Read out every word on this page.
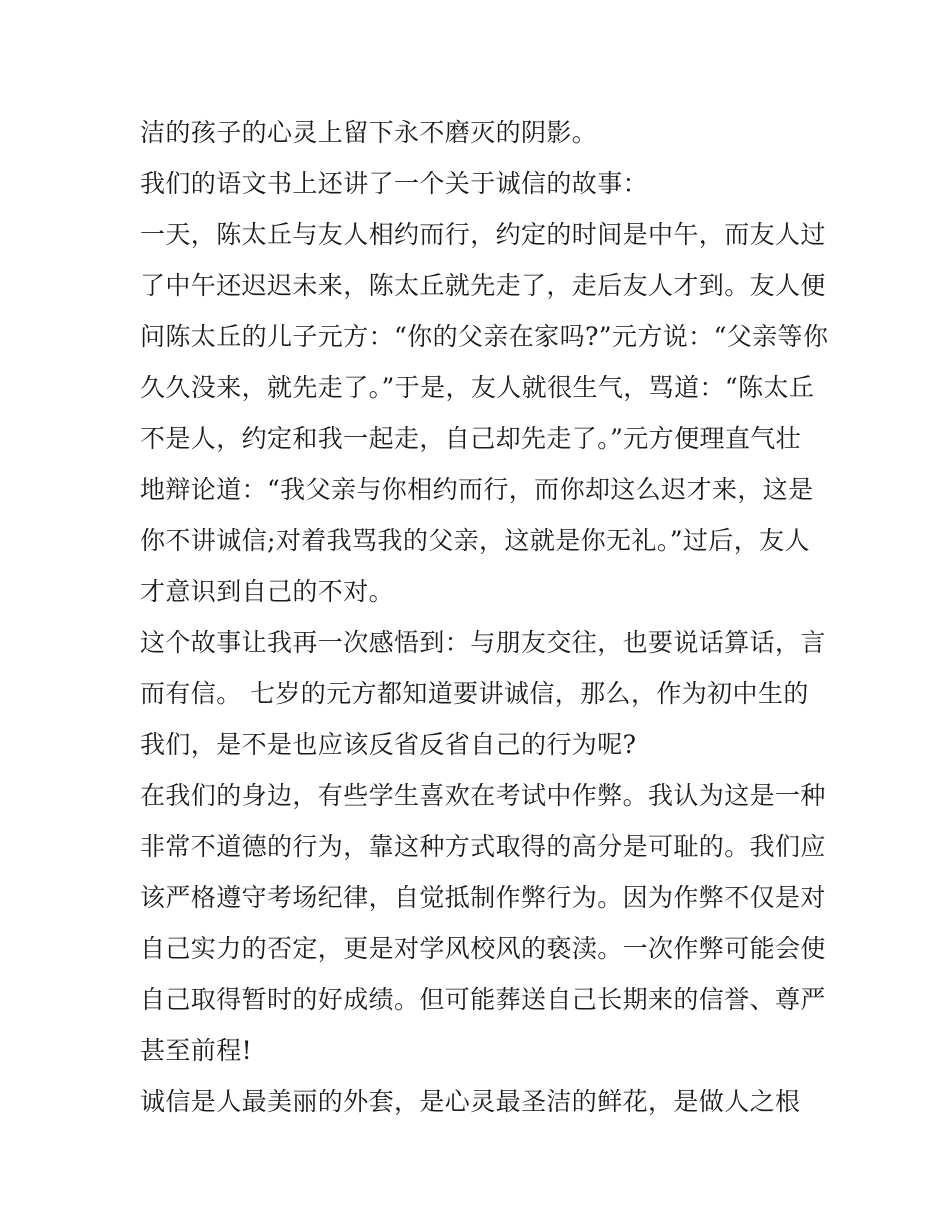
洁的孩子的心灵上留下永不磨灭的阴影。
我们的语文书上还讲了一个关于诚信的故事：
一天，陈太丘与友人相约而行，约定的时间是中午，而友人过
了中午还迟迟未来，陈太丘就先走了，走后友人才到。友人便
问陈太丘的儿子元方：“你的父亲在家吗?”元方说：“父亲等你
久久没来，就先走了。”于是，友人就很生气，骂道：“陈太丘
不是人，约定和我一起走，自己却先走了。”元方便理直气壮
地辩论道：“我父亲与你相约而行，而你却这么迟才来，这是
你不讲诚信;对着我骂我的父亲，这就是你无礼。”过后，友人
才意识到自己的不对。
这个故事让我再一次感悟到：与朋友交往，也要说话算话，言
而有信。 七岁的元方都知道要讲诚信，那么，作为初中生的
我们，是不是也应该反省反省自己的行为呢?
在我们的身边，有些学生喜欢在考试中作弊。我认为这是一种
非常不道德的行为，靠这种方式取得的高分是可耻的。我们应
该严格遵守考场纪律，自觉抵制作弊行为。因为作弊不仅是对
自己实力的否定，更是对学风校风的亵渎。一次作弊可能会使
自己取得暂时的好成绩。但可能葬送自己长期来的信誉、尊严
甚至前程!
诚信是人最美丽的外套，是心灵最圣洁的鲜花，是做人之根
